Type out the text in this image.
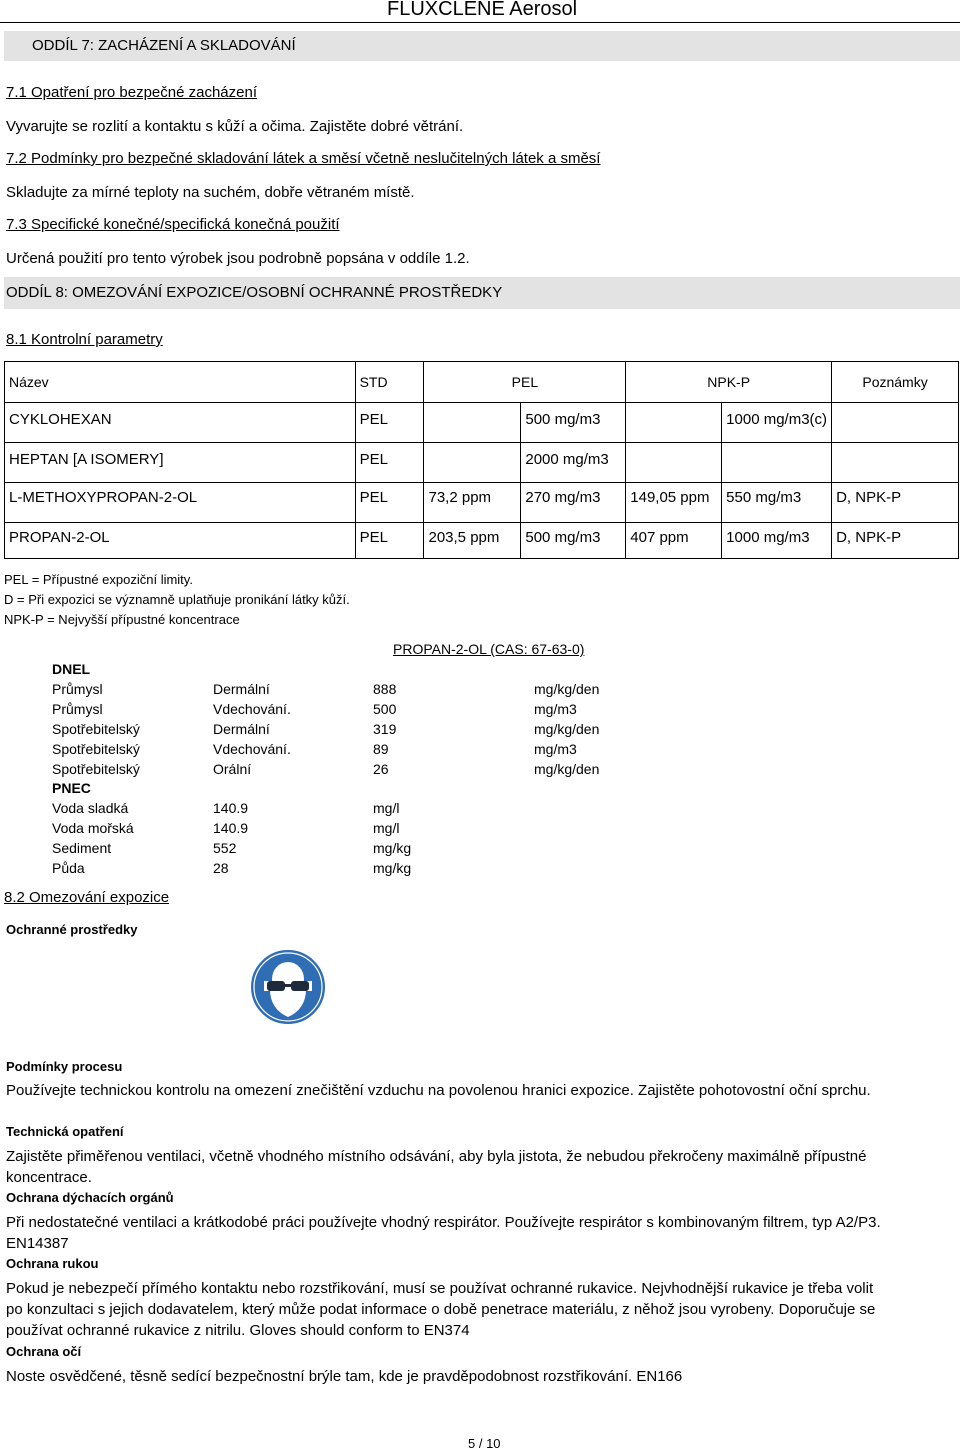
FLUXCLENE Aerosol
ODDÍL 7: ZACHÁZENÍ A SKLADOVÁNÍ
7.1 Opatření pro bezpečné zacházení
Vyvarujte se rozlití a kontaktu s kůží a očima. Zajistěte dobré větrání.
7.2 Podmínky pro bezpečné skladování látek a směsí včetně neslučitelných látek a směsí
Skladujte za mírné teploty na suchém, dobře větraném místě.
7.3 Specifické konečné/specifická konečná použití
Určená použití pro tento výrobek jsou podrobně popsána v oddíle 1.2.
ODDÍL 8: OMEZOVÁNÍ EXPOZICE/OSOBNÍ OCHRANNÉ PROSTŘEDKY
8.1 Kontrolní parametry
Název	STD	PEL		NPK-P		Poznámky
CYKLOHEXAN	PEL		500 mg/m3		1000 mg/m3(c)	
HEPTAN [A ISOMERY]	PEL		2000 mg/m3			
L-METHOXYPROPAN-2-OL	PEL	73,2 ppm	270 mg/m3	149,05 ppm	550 mg/m3	D, NPK-P
PROPAN-2-OL	PEL	203,5 ppm	500 mg/m3	407 ppm	1000 mg/m3	D, NPK-P
PEL = Přípustné expoziční limity.
D = Při expozici se významně uplatňuje pronikání látky kůží.
NPK-P = Nejvyšší přípustné koncentrace
PROPAN-2-OL (CAS: 67-63-0)
DNEL
Průmysl	Dermální	888	mg/kg/den
Průmysl	Vdechování.	500	mg/m3
Spotřebitelský	Dermální	319	mg/kg/den
Spotřebitelský	Vdechování.	89	mg/m3
Spotřebitelský	Orální	26	mg/kg/den
PNEC
Voda sladká	140.9	mg/l
Voda mořská	140.9	mg/l
Sediment	552	mg/kg
Půda	28	mg/kg
8.2 Omezování expozice
Ochranné prostředky
Podmínky procesu
Používejte technickou kontrolu na omezení znečištění vzduchu na povolenou hranici expozice. Zajistěte pohotovostní oční sprchu.
Technická opatření
Zajistěte přiměřenou ventilaci, včetně vhodného místního odsávání, aby byla jistota, že nebudou překročeny maximálně přípustné koncentrace.
Ochrana dýchacích orgánů
Při nedostatečné ventilaci a krátkodobé práci používejte vhodný respirátor. Používejte respirátor s kombinovaným filtrem, typ A2/P3. EN14387
Ochrana rukou
Pokud je nebezpečí přímého kontaktu nebo rozstřikování, musí se používat ochranné rukavice. Nejvhodnější rukavice je třeba volit po konzultaci s jejich dodavatelem, který může podat informace o době penetrace materiálu, z něhož jsou vyrobeny. Doporučuje se používat ochranné rukavice z nitrilu. Gloves should conform to EN374
Ochrana očí
Noste osvědčené, těsně sedící bezpečnostní brýle tam, kde je pravděpodobnost rozstřikování. EN166
5 / 10
